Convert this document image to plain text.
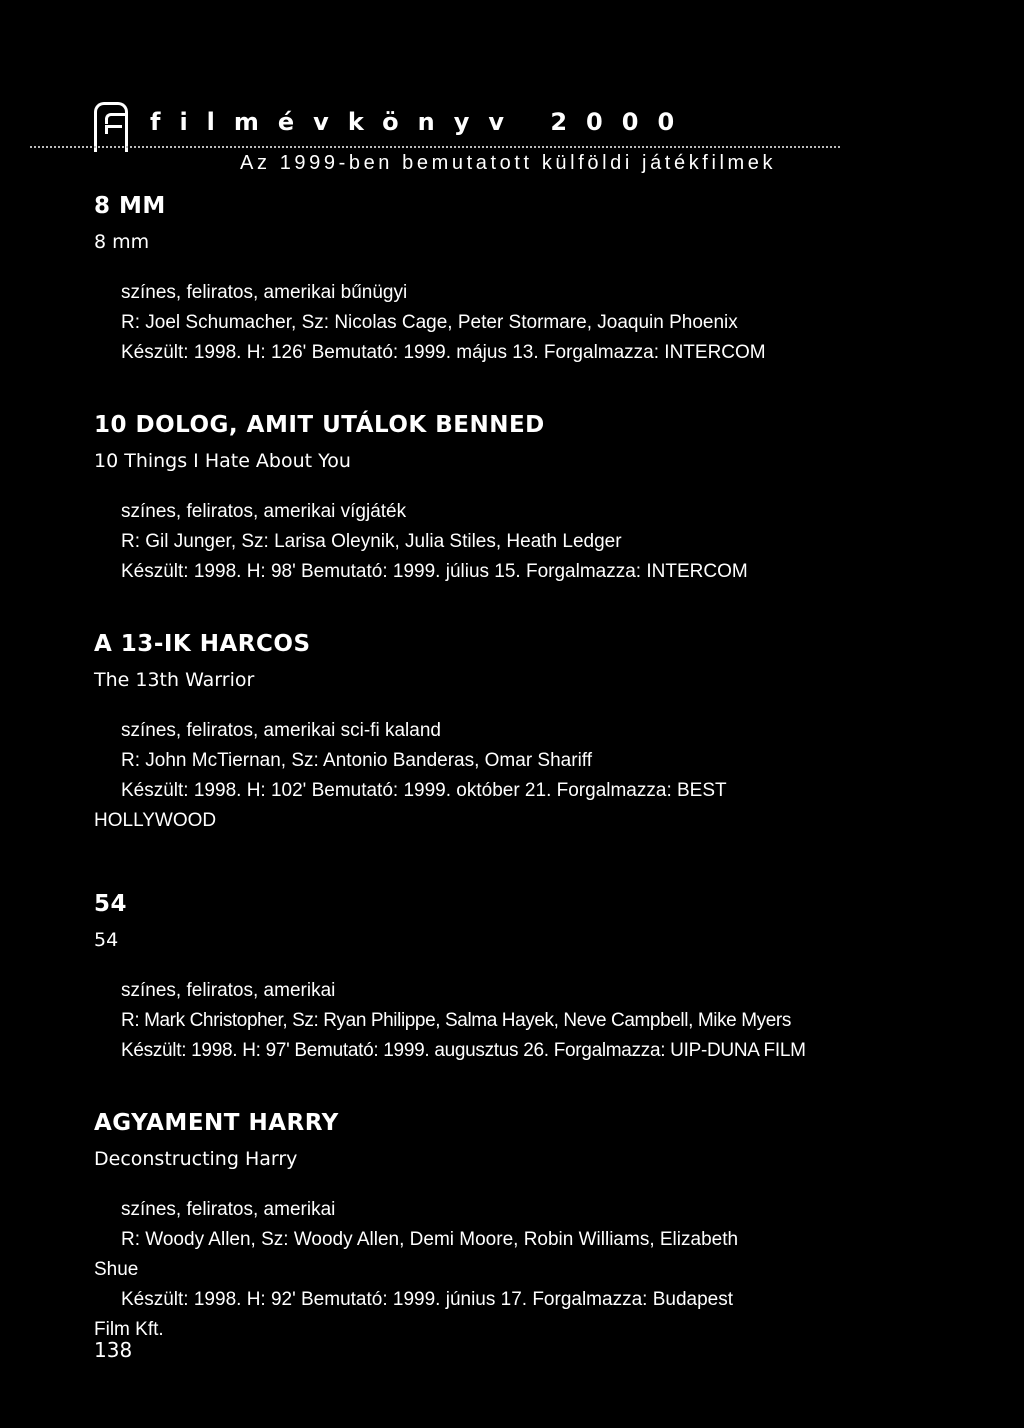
filmévkönyv 2000
Az 1999-ben bemutatott külföldi játékfilmek
8 MM
8 mm
színes, feliratos, amerikai bűnügyi
R: Joel Schumacher, Sz: Nicolas Cage, Peter Stormare, Joaquin Phoenix
Készült: 1998. H: 126' Bemutató: 1999. május 13. Forgalmazza: INTERCOM
10 DOLOG, AMIT UTÁLOK BENNED
10 Things I Hate About You
színes, feliratos, amerikai vígjáték
R: Gil Junger, Sz: Larisa Oleynik, Julia Stiles, Heath Ledger
Készült: 1998. H: 98' Bemutató: 1999. július 15. Forgalmazza: INTERCOM
A 13-IK HARCOS
The 13th Warrior
színes, feliratos, amerikai sci-fi kaland
R: John McTiernan, Sz: Antonio Banderas, Omar Shariff
Készült: 1998. H: 102' Bemutató: 1999. október 21. Forgalmazza: BEST
HOLLYWOOD
54
54
színes, feliratos, amerikai
R: Mark Christopher, Sz: Ryan Philippe, Salma Hayek, Neve Campbell, Mike Myers
Készült: 1998. H: 97' Bemutató: 1999. augusztus 26. Forgalmazza: UIP-DUNA FILM
AGYAMENT HARRY
Deconstructing Harry
színes, feliratos, amerikai
R: Woody Allen, Sz: Woody Allen, Demi Moore, Robin Williams, Elizabeth
Shue
Készült: 1998. H: 92' Bemutató: 1999. június 17. Forgalmazza: Budapest
Film Kft.
138
